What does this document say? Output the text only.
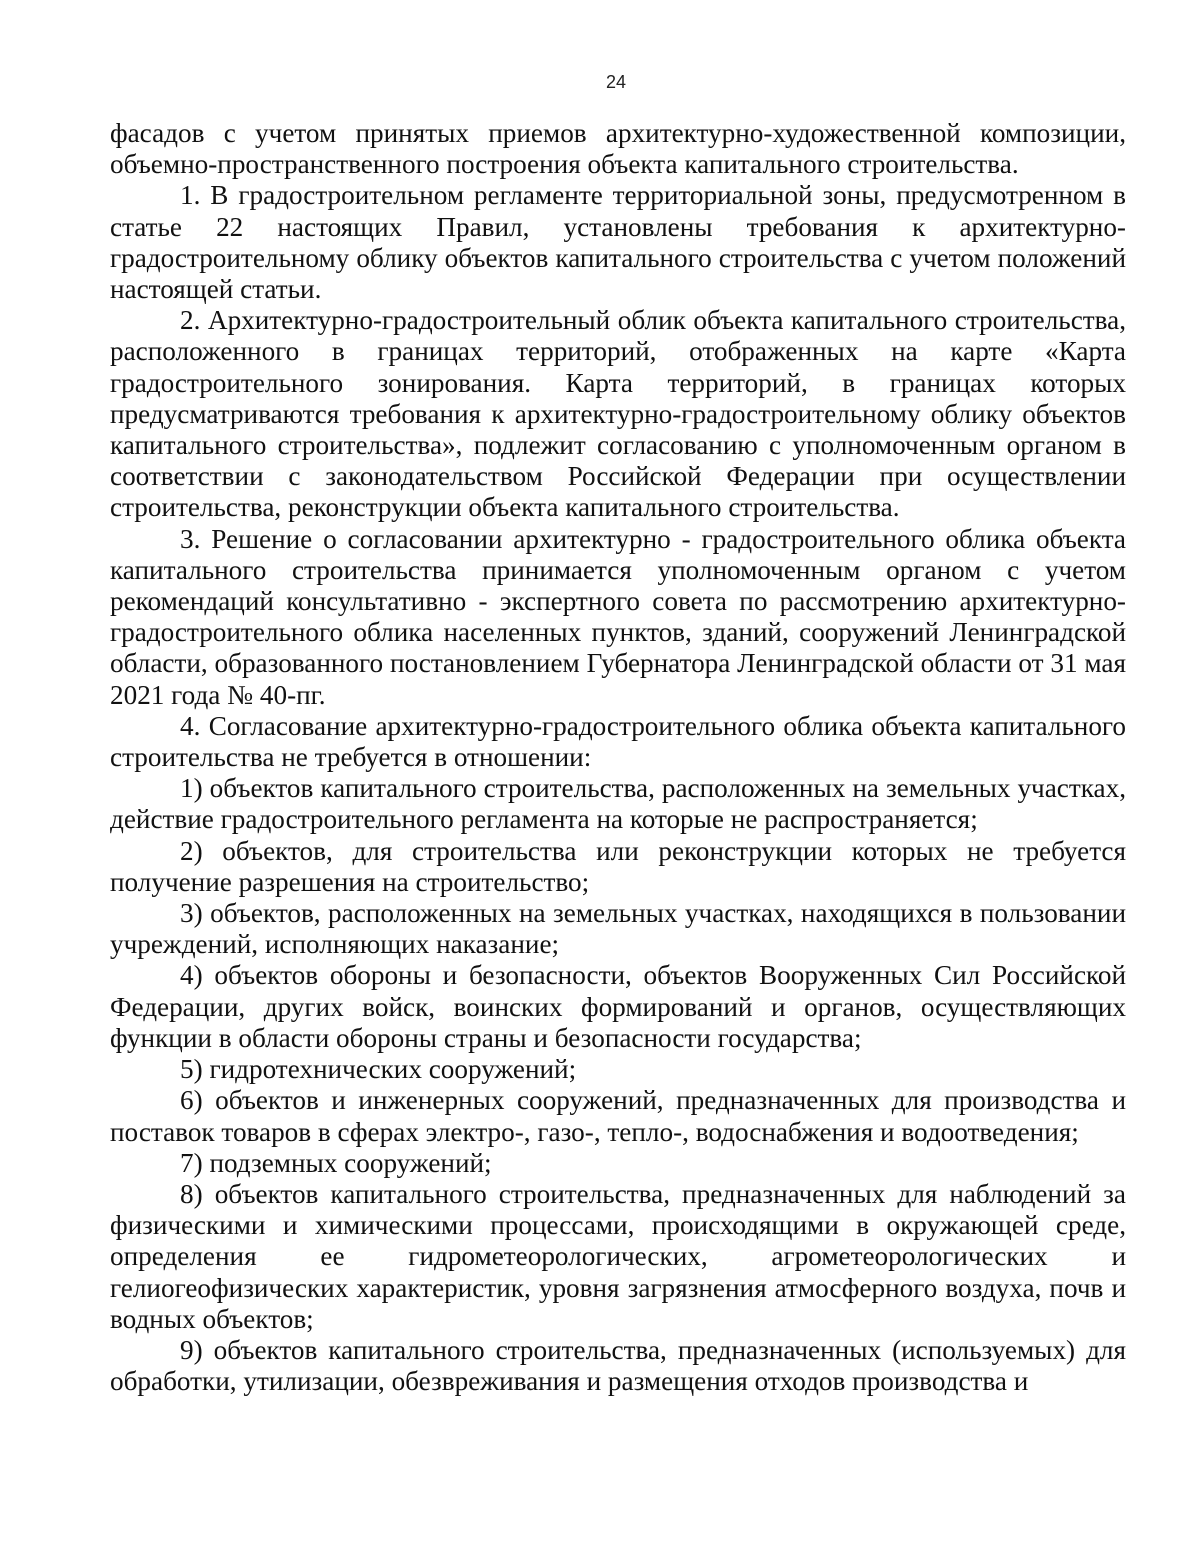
24

фасадов с учетом принятых приемов архитектурно-художественной композиции, объемно-пространственного построения объекта капитального строительства.

1. В градостроительном регламенте территориальной зоны, предусмотренном в статье 22 настоящих Правил, установлены требования к архитектурно-градостроительному облику объектов капитального строительства с учетом положений настоящей статьи.

2. Архитектурно-градостроительный облик объекта капитального строительства, расположенного в границах территорий, отображенных на карте «Карта градостроительного зонирования. Карта территорий, в границах которых предусматриваются требования к архитектурно-градостроительному облику объектов капитального строительства», подлежит согласованию с уполномоченным органом в соответствии с законодательством Российской Федерации при осуществлении строительства, реконструкции объекта капитального строительства.

3. Решение о согласовании архитектурно - градостроительного облика объекта капитального строительства принимается уполномоченным органом с учетом рекомендаций консультативно - экспертного совета по рассмотрению архитектурно-градостроительного облика населенных пунктов, зданий, сооружений Ленинградской области, образованного постановлением Губернатора Ленинградской области от 31 мая 2021 года № 40-пг.

4. Согласование архитектурно-градостроительного облика объекта капитального строительства не требуется в отношении:

1) объектов капитального строительства, расположенных на земельных участках, действие градостроительного регламента на которые не распространяется;

2) объектов, для строительства или реконструкции которых не требуется получение разрешения на строительство;

3) объектов, расположенных на земельных участках, находящихся в пользовании учреждений, исполняющих наказание;

4) объектов обороны и безопасности, объектов Вооруженных Сил Российской Федерации, других войск, воинских формирований и органов, осуществляющих функции в области обороны страны и безопасности государства;

5) гидротехнических сооружений;

6) объектов и инженерных сооружений, предназначенных для производства и поставок товаров в сферах электро-, газо-, тепло-, водоснабжения и водоотведения;

7) подземных сооружений;

8) объектов капитального строительства, предназначенных для наблюдений за физическими и химическими процессами, происходящими в окружающей среде, определения ее гидрометеорологических, агрометеорологических и гелиогеофизических характеристик, уровня загрязнения атмосферного воздуха, почв и водных объектов;

9) объектов капитального строительства, предназначенных (используемых) для обработки, утилизации, обезвреживания и размещения отходов производства и
